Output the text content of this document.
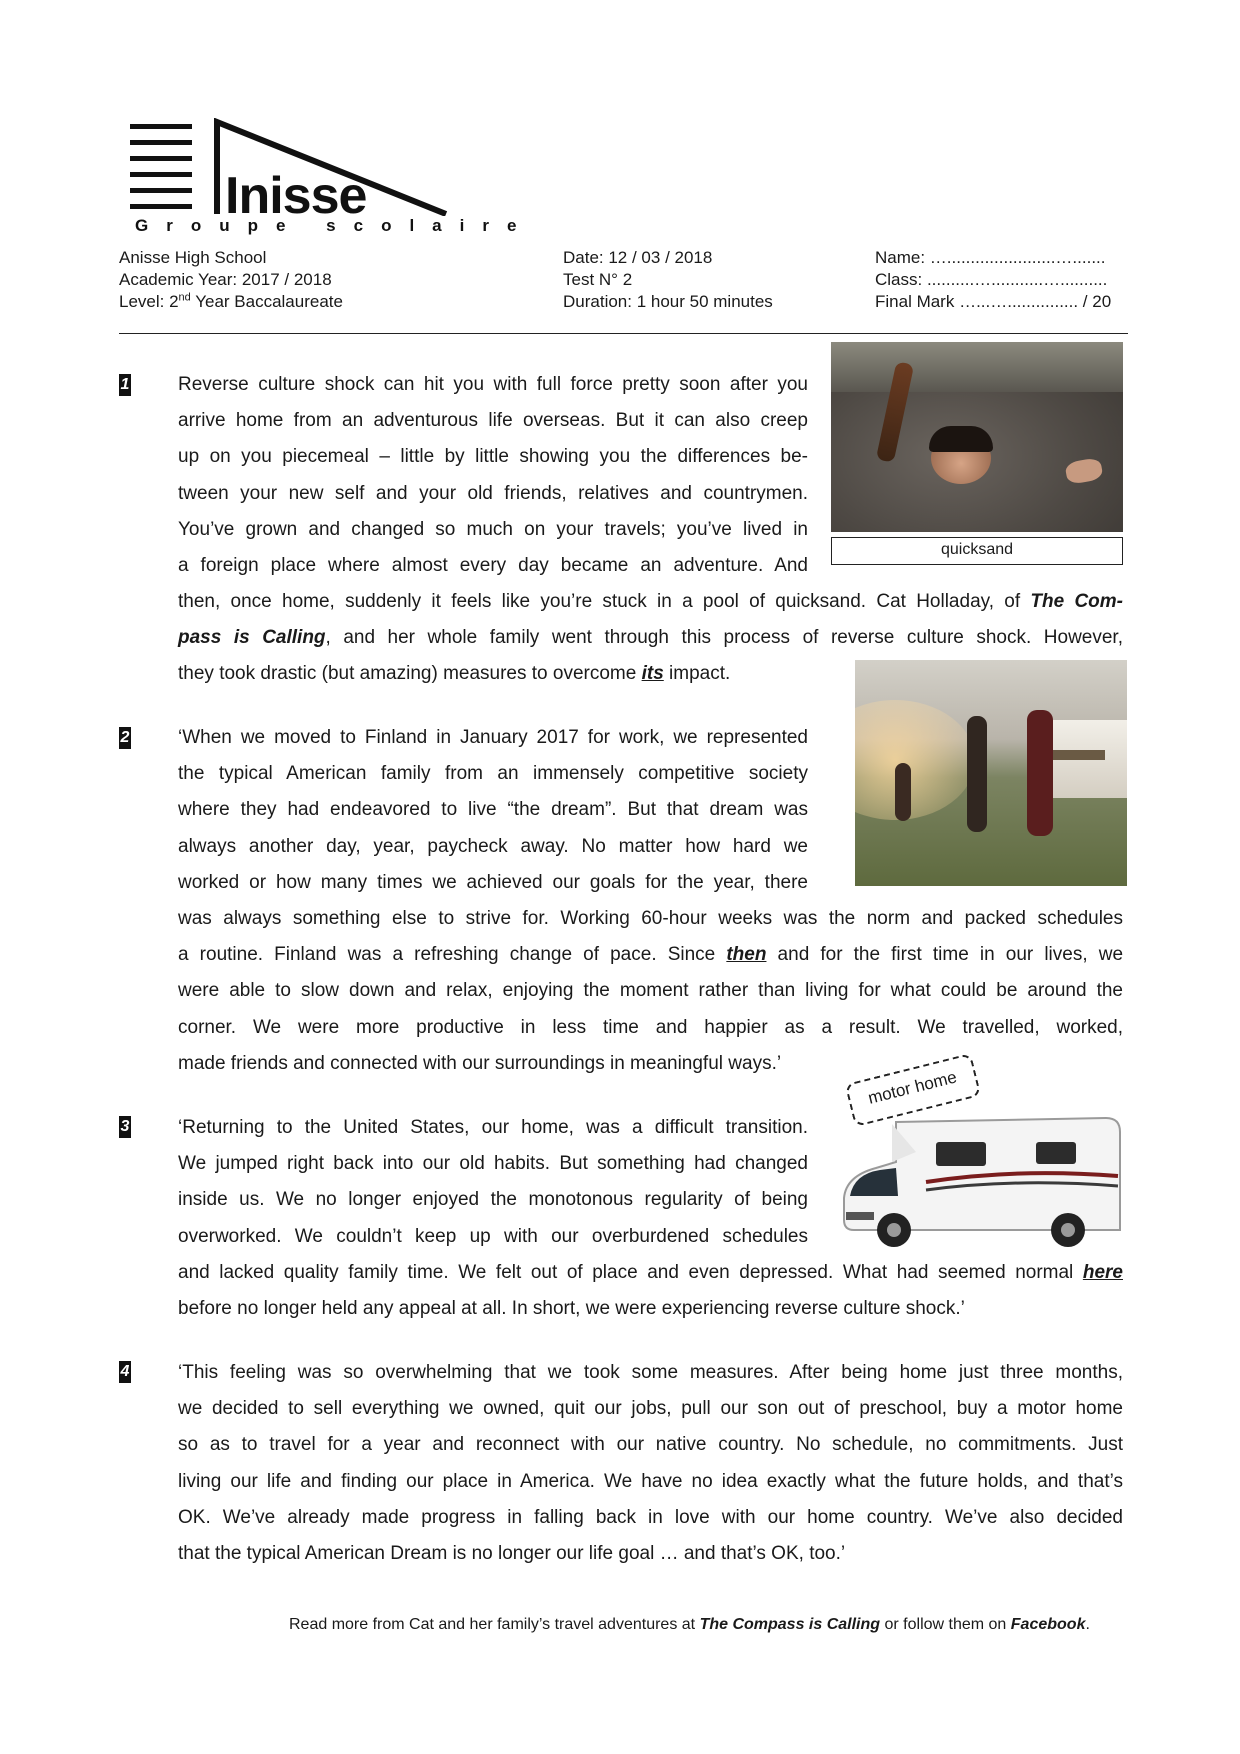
Inisse
Groupe scolaire
Anisse High School
Academic Year: 2017 / 2018
Level: 2nd Year Baccalaureate
Date: 12 / 03 / 2018
Test N° 2
Duration: 1 hour 50 minutes
Name: ….......................….......
Class: ..........…...........…..........
Final Mark …...…............... / 20
1
2
3
4

Reverse culture shock can hit you with full force pretty soon after you

arrive home from an adventurous life overseas. But it can also creep

up on you piecemeal – little by little showing you the differences be-

tween your new self and your old friends, relatives and countrymen.

You’ve grown and changed so much on your travels; you’ve lived in

a foreign place where almost every day became an adventure. And

then, once home, suddenly it feels like you’re stuck in a pool of quicksand. Cat Holladay, of The Com-

pass is Calling, and her whole family went through this process of reverse culture shock. However,

they took drastic (but amazing) measures to overcome its impact.

quicksand

‘When we moved to Finland in January 2017 for work, we represented

the typical American family from an immensely competitive society

where they had endeavored to live “the dream”. But that dream was

always another day, year, paycheck away. No matter how hard we

worked or how many times we achieved our goals for the year, there

was always something else to strive for. Working 60-hour weeks was the norm and packed schedules

a routine. Finland was a refreshing change of pace. Since then and for the first time in our lives, we

were able to slow down and relax, enjoying the moment rather than living for what could be around the

corner. We were more productive in less time and happier as a result. We travelled, worked,

made friends and connected with our surroundings in meaningful ways.’

‘Returning to the United States, our home, was a difficult transition.

We jumped right back into our old habits. But something had changed

inside us. We no longer enjoyed the monotonous regularity of being

overworked. We couldn’t keep up with our overburdened schedules

and lacked quality family time. We felt out of place and even depressed. What had seemed normal here

before no longer held any appeal at all. In short, we were experiencing reverse culture shock.’

motor home

‘This feeling was so overwhelming that we took some measures. After being home just three months,

we decided to sell everything we owned, quit our jobs, pull our son out of preschool, buy a motor home

so as to travel for a year and reconnect with our native country. No schedule, no commitments. Just

living our life and finding our place in America. We have no idea exactly what the future holds, and that’s

OK. We’ve already made progress in falling back in love with our home country. We’ve also decided

that the typical American Dream is no longer our life goal … and that’s OK, too.’

Read more from Cat and her family’s travel adventures at The Compass is Calling or follow them on Facebook.
